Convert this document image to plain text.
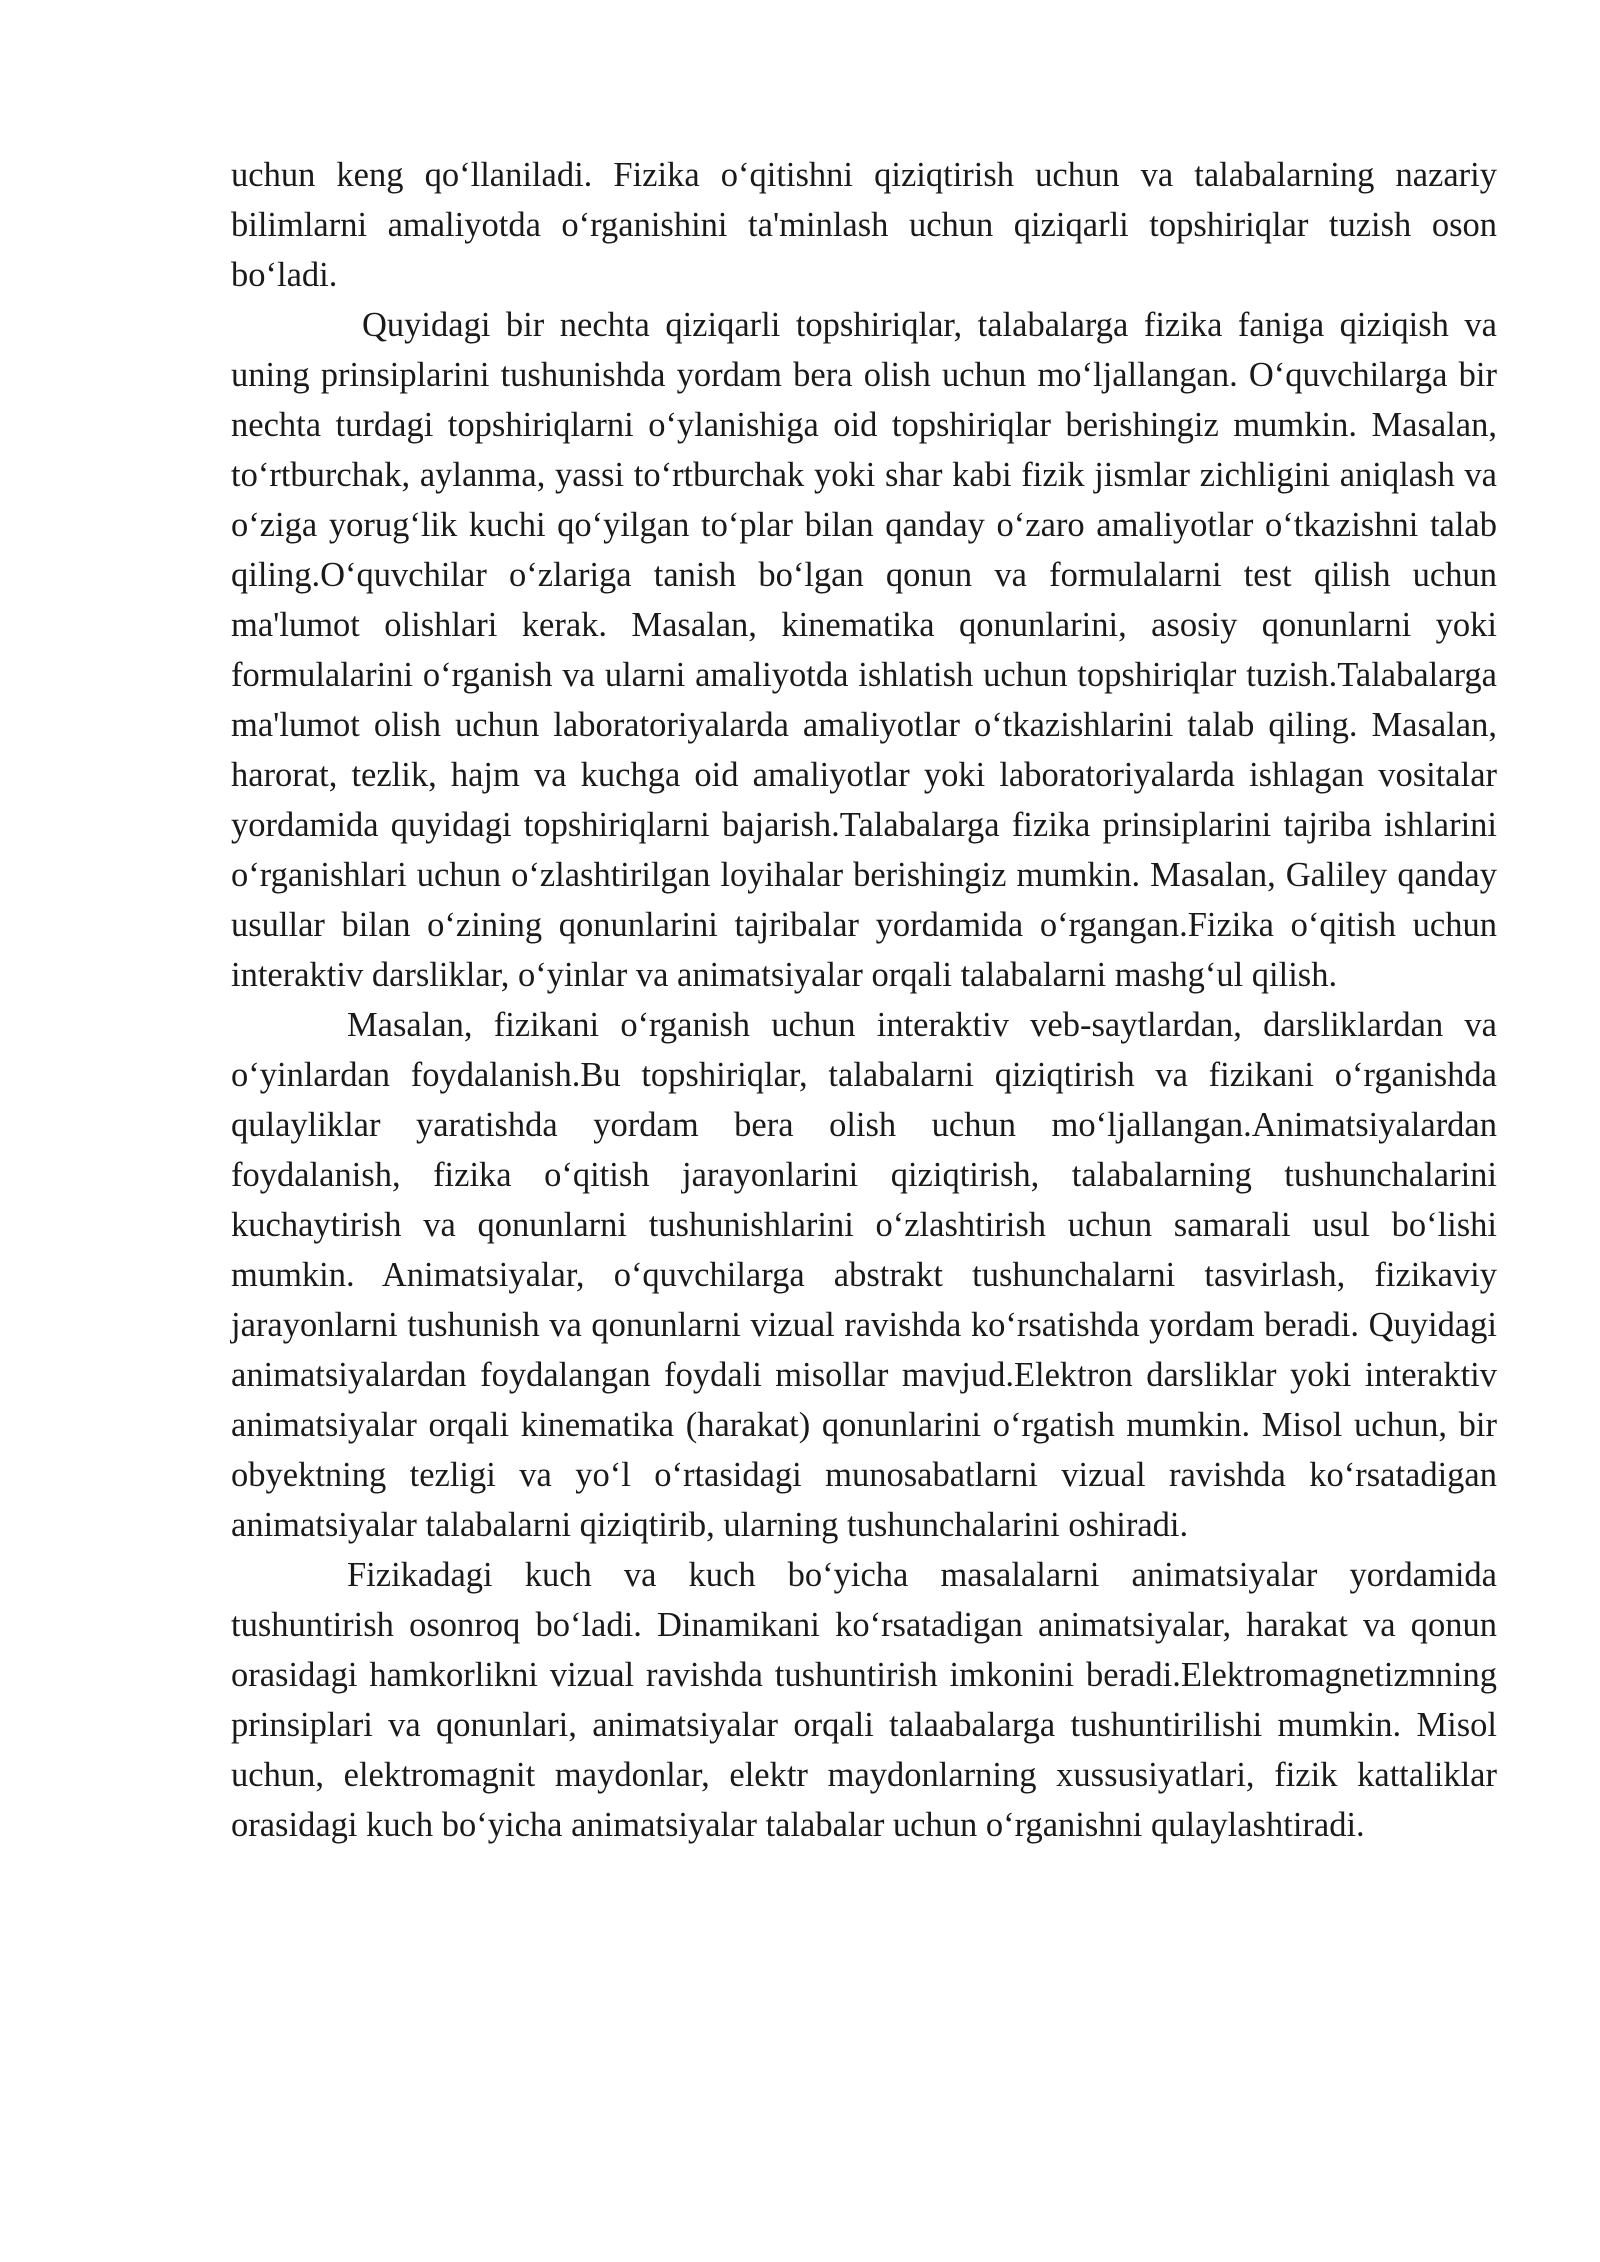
uchun keng qo‘llaniladi. Fizika o‘qitishni qiziqtirish uchun va talabalarning nazariy bilimlarni amaliyotda o‘rganishini ta'minlash uchun qiziqarli topshiriqlar tuzish oson bo‘ladi.

Quyidagi bir nechta qiziqarli topshiriqlar, talabalarga fizika faniga qiziqish va uning prinsiplarini tushunishda yordam bera olish uchun mo‘ljallangan. O‘quvchilarga bir nechta turdagi topshiriqlarni o‘ylanishiga oid topshiriqlar berishingiz mumkin. Masalan, to‘rtburchak, aylanma, yassi to‘rtburchak yoki shar kabi fizik jismlar zichligini aniqlash va o‘ziga yorug‘lik kuchi qo‘yilgan to‘plar bilan qanday o‘zaro amaliyotlar o‘tkazishni talab qiling.O‘quvchilar o‘zlariga tanish bo‘lgan qonun va formulalarni test qilish uchun ma'lumot olishlari kerak. Masalan, kinematika qonunlarini, asosiy qonunlarni yoki formulalarini o‘rganish va ularni amaliyotda ishlatish uchun topshiriqlar tuzish.Talabalarga ma'lumot olish uchun laboratoriyalarda amaliyotlar o‘tkazishlarini talab qiling. Masalan, harorat, tezlik, hajm va kuchga oid amaliyotlar yoki laboratoriyalarda ishlagan vositalar yordamida quyidagi topshiriqlarni bajarish.Talabalarga fizika prinsiplarini tajriba ishlarini o‘rganishlari uchun o‘zlashtirilgan loyihalar berishingiz mumkin. Masalan, Galiley qanday usullar bilan o‘zining qonunlarini tajribalar yordamida o‘rgangan.Fizika o‘qitish uchun interaktiv darsliklar, o‘yinlar va animatsiyalar orqali talabalarni mashg‘ul qilish.

Masalan, fizikani o‘rganish uchun interaktiv veb-saytlardan, darsliklardan va o‘yinlardan foydalanish.Bu topshiriqlar, talabalarni qiziqtirish va fizikani o‘rganishda qulayliklar yaratishda yordam bera olish uchun mo‘ljallangan.Animatsiyalardan foydalanish, fizika o‘qitish jarayonlarini qiziqtirish, talabalarning tushunchalarini kuchaytirish va qonunlarni tushunishlarini o‘zlashtirish uchun samarali usul bo‘lishi mumkin. Animatsiyalar, o‘quvchilarga abstrakt tushunchalarni tasvirlash, fizikaviy jarayonlarni tushunish va qonunlarni vizual ravishda ko‘rsatishda yordam beradi. Quyidagi animatsiyalardan foydalangan foydali misollar mavjud.Elektron darsliklar yoki interaktiv animatsiyalar orqali kinematika (harakat) qonunlarini o‘rgatish mumkin. Misol uchun, bir obyektning tezligi va yo‘l o‘rtasidagi munosabatlarni vizual ravishda ko‘rsatadigan animatsiyalar talabalarni qiziqtirib, ularning tushunchalarini oshiradi.

Fizikadagi kuch va kuch bo‘yicha masalalarni animatsiyalar yordamida tushuntirish osonroq bo‘ladi. Dinamikani ko‘rsatadigan animatsiyalar, harakat va qonun orasidagi hamkorlikni vizual ravishda tushuntirish imkonini beradi.Elektromagnetizmning prinsiplari va qonunlari, animatsiyalar orqali talaabalarga tushuntirilishi mumkin. Misol uchun, elektromagnit maydonlar, elektr maydonlarning xussusiyatlari, fizik kattaliklar orasidagi kuch bo‘yicha animatsiyalar talabalar uchun o‘rganishni qulaylashtiradi.
